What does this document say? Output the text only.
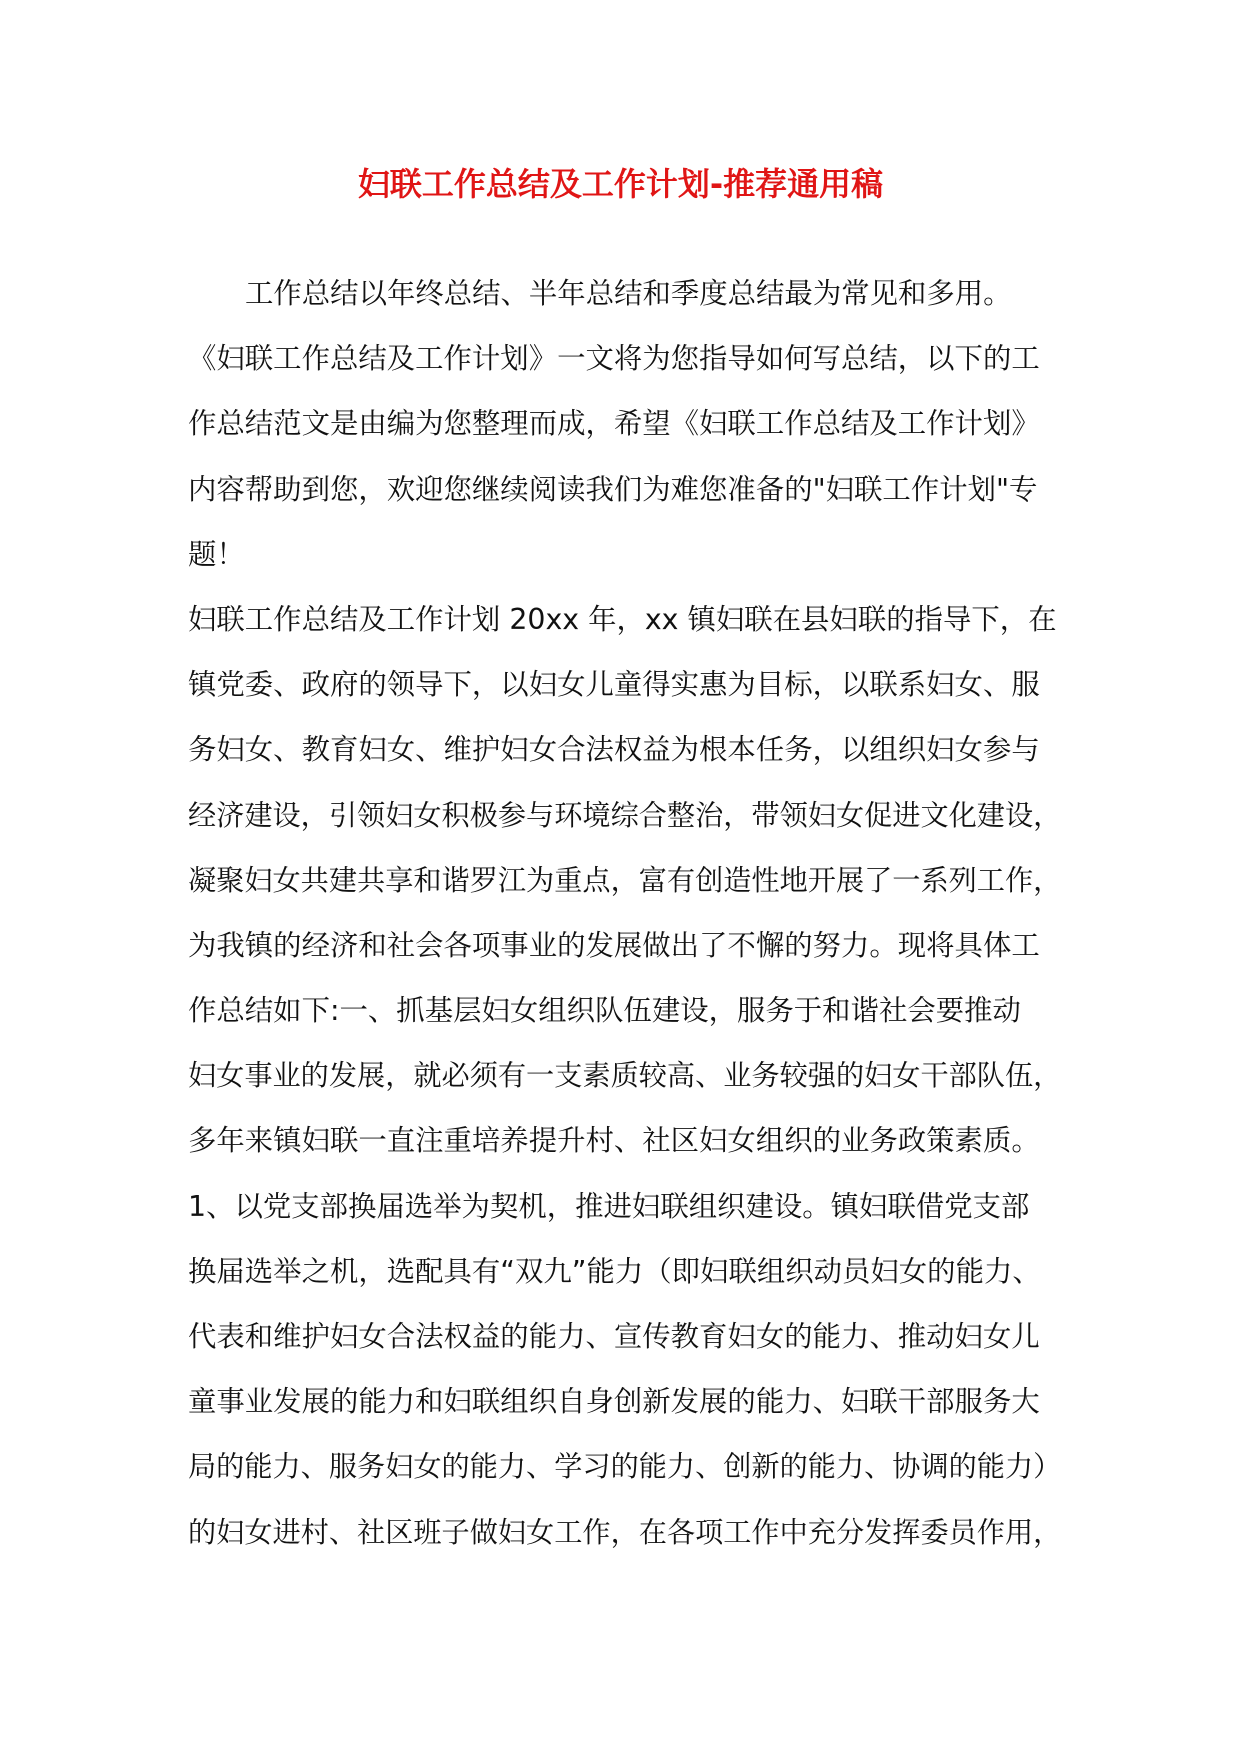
妇联工作总结及工作计划-推荐通用稿
工作总结以年终总结、半年总结和季度总结最为常见和多用。
《妇联工作总结及工作计划》一文将为您指导如何写总结，以下的工
作总结范文是由编为您整理而成，希望《妇联工作总结及工作计划》
内容帮助到您，欢迎您继续阅读我们为难您准备的"妇联工作计划"专
题！
妇联工作总结及工作计划 20xx 年，xx 镇妇联在县妇联的指导下，在
镇党委、政府的领导下，以妇女儿童得实惠为目标，以联系妇女、服
务妇女、教育妇女、维护妇女合法权益为根本任务，以组织妇女参与
经济建设，引领妇女积极参与环境综合整治，带领妇女促进文化建设，
凝聚妇女共建共享和谐罗江为重点，富有创造性地开展了一系列工作，
为我镇的经济和社会各项事业的发展做出了不懈的努力。现将具体工
作总结如下:一、抓基层妇女组织队伍建设，服务于和谐社会要推动
妇女事业的发展，就必须有一支素质较高、业务较强的妇女干部队伍，
多年来镇妇联一直注重培养提升村、社区妇女组织的业务政策素质。
1、以党支部换届选举为契机，推进妇联组织建设。镇妇联借党支部
换届选举之机，选配具有“双九”能力（即妇联组织动员妇女的能力、
代表和维护妇女合法权益的能力、宣传教育妇女的能力、推动妇女儿
童事业发展的能力和妇联组织自身创新发展的能力、妇联干部服务大
局的能力、服务妇女的能力、学习的能力、创新的能力、协调的能力）
的妇女进村、社区班子做妇女工作，在各项工作中充分发挥委员作用，
